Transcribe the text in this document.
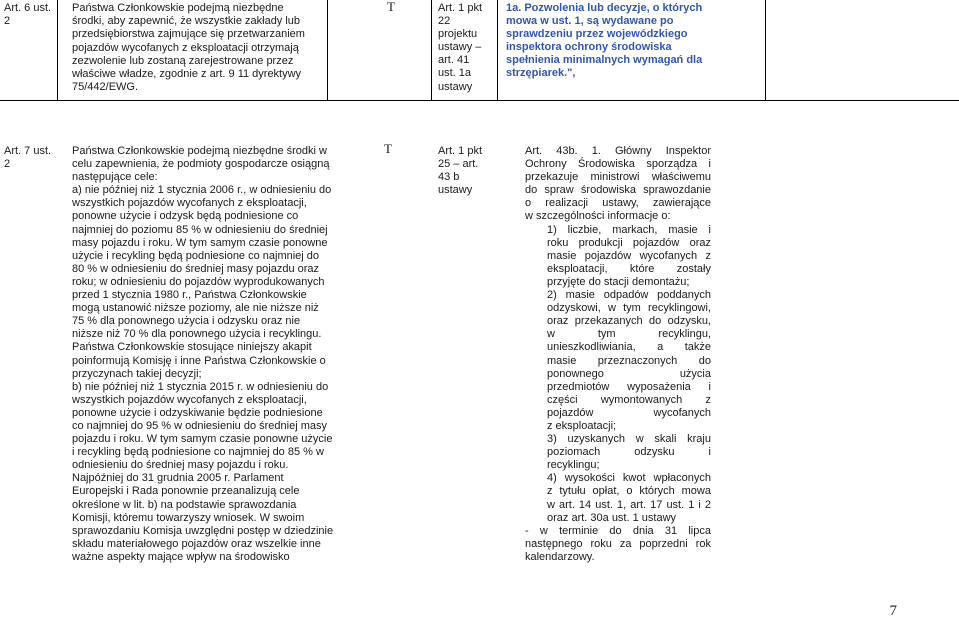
Art. 6 ust. 2
Państwa Członkowskie podejmą niezbędne środki, aby zapewnić, że wszystkie zakłady lub przedsiębiorstwa zajmujące się przetwarzaniem pojazdów wycofanych z eksploatacji otrzymają zezwolenie lub zostaną zarejestrowane przez właściwe władze, zgodnie z art. 9 11 dyrektywy 75/442/EWG.
T	Art. 1 pkt 22 projektu ustawy – art. 41 ust. 1a ustawy
1a. Pozwolenia lub decyzje, o których
mowa w ust. 1, są wydawane po
sprawdzeniu przez wojewódzkiego
inspektora ochrony środowiska
spełnienia minimalnych wymagań dla
strzępiarek.",
Art. 7 ust. 2
Państwa Członkowskie podejmą niezbędne środki w
celu zapewnienia, że podmioty gospodarcze osiągną
następujące cele:
a) nie później niż 1 stycznia 2006 r., w odniesieniu do
wszystkich pojazdów wycofanych z eksploatacji,
ponowne użycie i odzysk będą podniesione co
najmniej do poziomu 85 % w odniesieniu do średniej
masy pojazdu i roku. W tym samym czasie ponowne
użycie i recykling będą podniesione co najmniej do
80 % w odniesieniu do średniej masy pojazdu oraz
roku; w odniesieniu do pojazdów wyprodukowanych
przed 1 stycznia 1980 r., Państwa Członkowskie
mogą ustanowić niższe poziomy, ale nie niższe niż
75 % dla ponownego użycia i odzysku oraz nie
niższe niż 70 % dla ponownego użycia i recyklingu.
Państwa Członkowskie stosujące niniejszy akapit
poinformują Komisję i inne Państwa Członkowskie o
przyczynach takiej decyzji;
b) nie później niż 1 stycznia 2015 r. w odniesieniu do
wszystkich pojazdów wycofanych z eksploatacji,
ponowne użycie i odzyskiwanie będzie podniesione
co najmniej do 95 % w odniesieniu do średniej masy
pojazdu i roku. W tym samym czasie ponowne użycie
i recykling będą podniesione co najmniej do 85 % w
odniesieniu do średniej masy pojazdu i roku.
Najpóźniej do 31 grudnia 2005 r. Parlament
Europejski i Rada ponownie przeanalizują cele
określone w lit. b) na podstawie sprawozdania
Komisji, któremu towarzyszy wniosek. W swoim
sprawozdaniu Komisja uwzględni postęp w dziedzinie
składu materiałowego pojazdów oraz wszelkie inne
ważne aspekty mające wpływ na środowisko
T	Art. 1 pkt
25 – art.
43 b
ustawy
Art. 43b. 1. Główny Inspektor
Ochrony Środowiska sporządza i
przekazuje ministrowi właściwemu
do spraw środowiska sprawozdanie
o realizacji ustawy, zawierające
w szczególności informacje o:
1) liczbie, markach, masie i
roku produkcji pojazdów oraz
masie pojazdów wycofanych z
eksploatacji, które zostały
przyjęte do stacji demontażu;
2) masie odpadów poddanych
odzyskowi, w tym recyklingowi,
oraz przekazanych do odzysku,
w tym recyklingu,
unieszkodliwiania, a także
masie przeznaczonych do
ponownego użycia
przedmiotów wyposażenia i
części wymontowanych z
pojazdów wycofanych
z eksploatacji;
3) uzyskanych w skali kraju
poziomach odzysku i
recyklingu;
4) wysokości kwot wpłaconych
z tytułu opłat, o których mowa
w art. 14 ust. 1, art. 17 ust. 1 i 2
oraz art. 30a ust. 1 ustawy
- w terminie do dnia 31 lipca
następnego roku za poprzedni rok
kalendarzowy.
7
